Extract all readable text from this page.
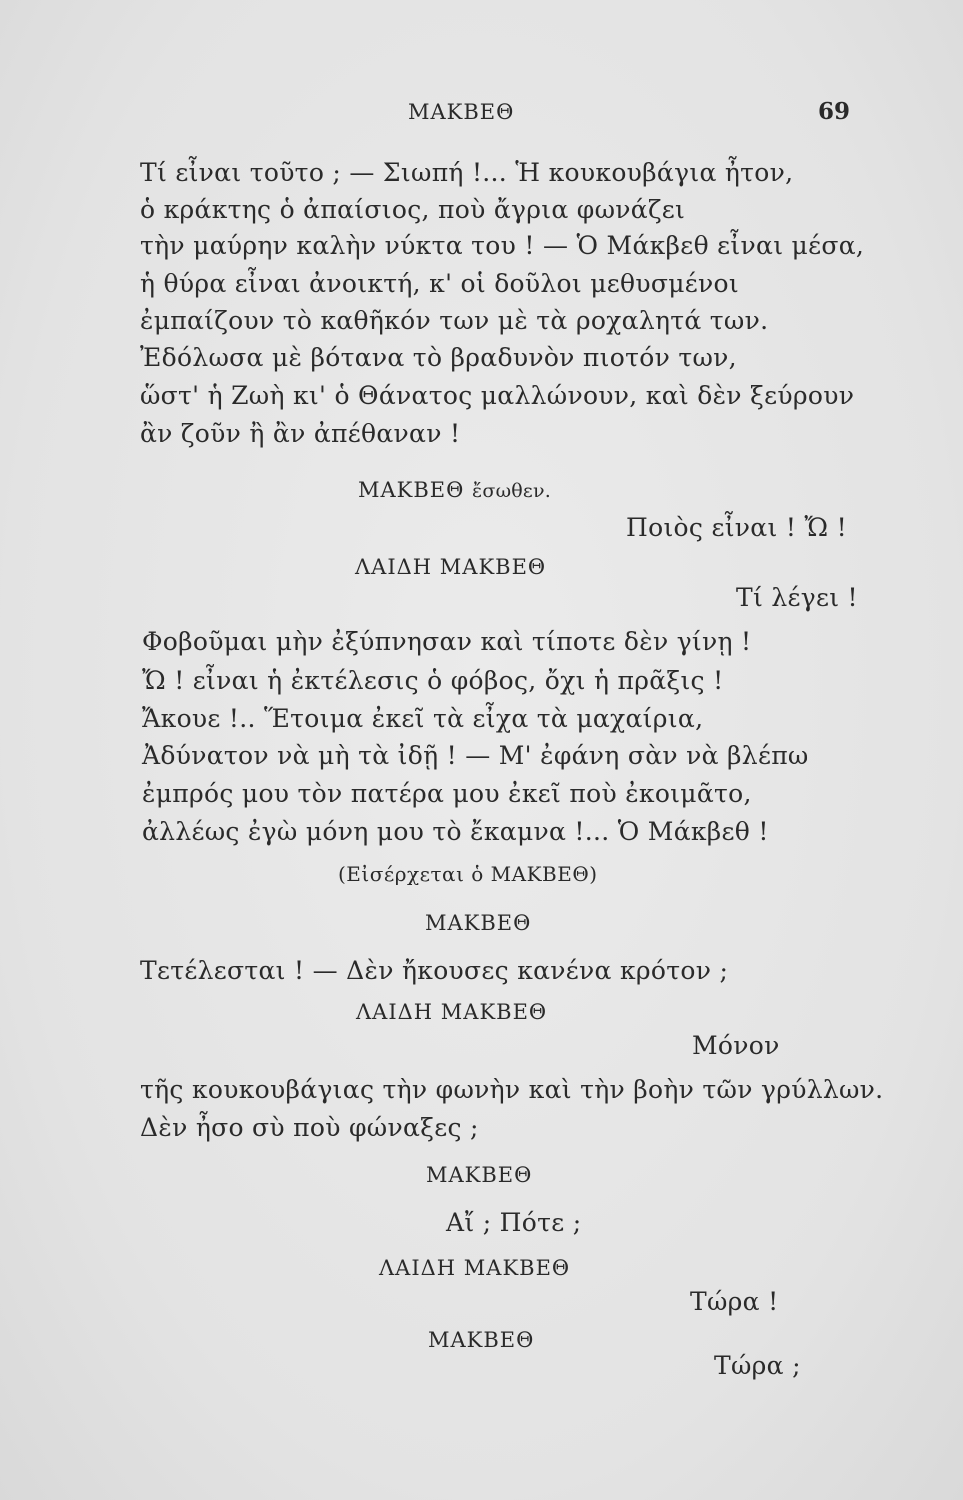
ΜΑΚΒΕΘ	69
Τί εἶναι τοῦτο ; — Σιωπή !... Ἡ κουκουβάγια ἦτον,
ὁ κράκτης ὁ ἀπαίσιος, ποὺ ἄγρια φωνάζει
τὴν μαύρην καλὴν νύκτα του ! — Ὁ Μάκβεθ εἶναι μέσα,
ἡ θύρα εἶναι ἀνοικτή, κ' οἱ δοῦλοι μεθυσμένοι
ἐμπαίζουν τὸ καθῆκόν των μὲ τὰ ροχαλητά των.
Ἐδόλωσα μὲ βότανα τὸ βραδυνὸν πιοτόν των,
ὥστ' ἡ Ζωὴ κι' ὁ Θάνατος μαλλώνουν, καὶ δὲν ξεύρουν
ἂν ζοῦν ἢ ἂν ἀπέθαναν !
ΜΑΚΒΕΘ ἔσωθεν.
Ποιὸς εἶναι ! Ὤ !
ΛΑΙΔΗ ΜΑΚΒΕΘ
Τί λέγει !
Φοβοῦμαι μὴν ἐξύπνησαν καὶ τίποτε δὲν γίνῃ !
Ὤ ! εἶναι ἡ ἐκτέλεσις ὁ φόβος, ὄχι ἡ πρᾶξις !
Ἄκουε !.. Ἕτοιμα ἐκεῖ τὰ εἶχα τὰ μαχαίρια,
Ἀδύνατον νὰ μὴ τὰ ἰδῇ ! — Μ' ἐφάνη σὰν νὰ βλέπω
ἐμπρός μου τὸν πατέρα μου ἐκεῖ ποὺ ἐκοιμᾶτο,
ἀλλέως ἐγὼ μόνη μου τὸ ἔκαμνα !... Ὁ Μάκβεθ !
(Εἰσέρχεται ὁ ΜΑΚΒΕΘ)
ΜΑΚΒΕΘ
Τετέλεσται ! — Δὲν ἤκουσες κανένα κρότον ;
ΛΑΙΔΗ ΜΑΚΒΕΘ
Μόνον
τῆς κουκουβάγιας τὴν φωνὴν καὶ τὴν βοὴν τῶν γρύλλων.
Δὲν ἦσο σὺ ποὺ φώναξες ;
ΜΑΚΒΕΘ
Αἴ ; Πότε ;
ΛΑΙΔΗ ΜΑΚΒΕΘ
Τώρα !
ΜΑΚΒΕΘ
Τώρα ;
